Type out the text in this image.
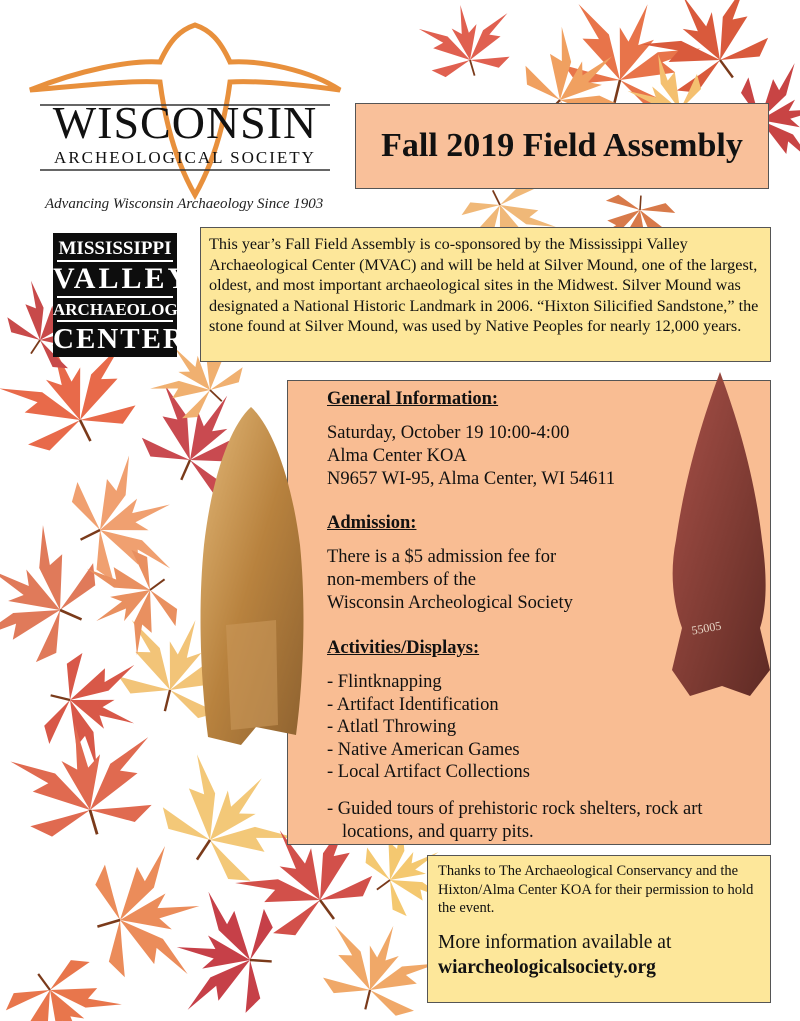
WISCONSIN
ARCHEOLOGICAL SOCIETY
Advancing Wisconsin Archaeology Since 1903
Fall 2019 Field Assembly
MISSISSIPPI
VALLEY
ARCHAEOLOGY
CENTER
This year’s Fall Field Assembly is co-sponsored by the Mississippi Valley Archaeological Center (MVAC) and will be held at Silver Mound, one of the largest, oldest, and most important archaeological sites in the Midwest. Silver Mound was designated a National Historic Landmark in 2006. “Hixton Silicified Sandstone,” the stone found at Silver Mound, was used by Native Peoples for nearly 12,000 years.
55005
General Information:
Saturday, October 19 10:00-4:00
Alma Center KOA
N9657 WI-95, Alma Center, WI 54611
Admission:
There is a $5 admission fee for
non-members of the
Wisconsin Archeological Society
Activities/Displays:
- Flintknapping
- Artifact Identification
- Atlatl Throwing
- Native American Games
- Local Artifact Collections
- Guided tours of prehistoric rock shelters, rock art
locations, and quarry pits.
Thanks to The Archaeological Conservancy and the Hixton/Alma Center KOA for their permission to hold the event.
More information available at
wiarcheologicalsociety.org
